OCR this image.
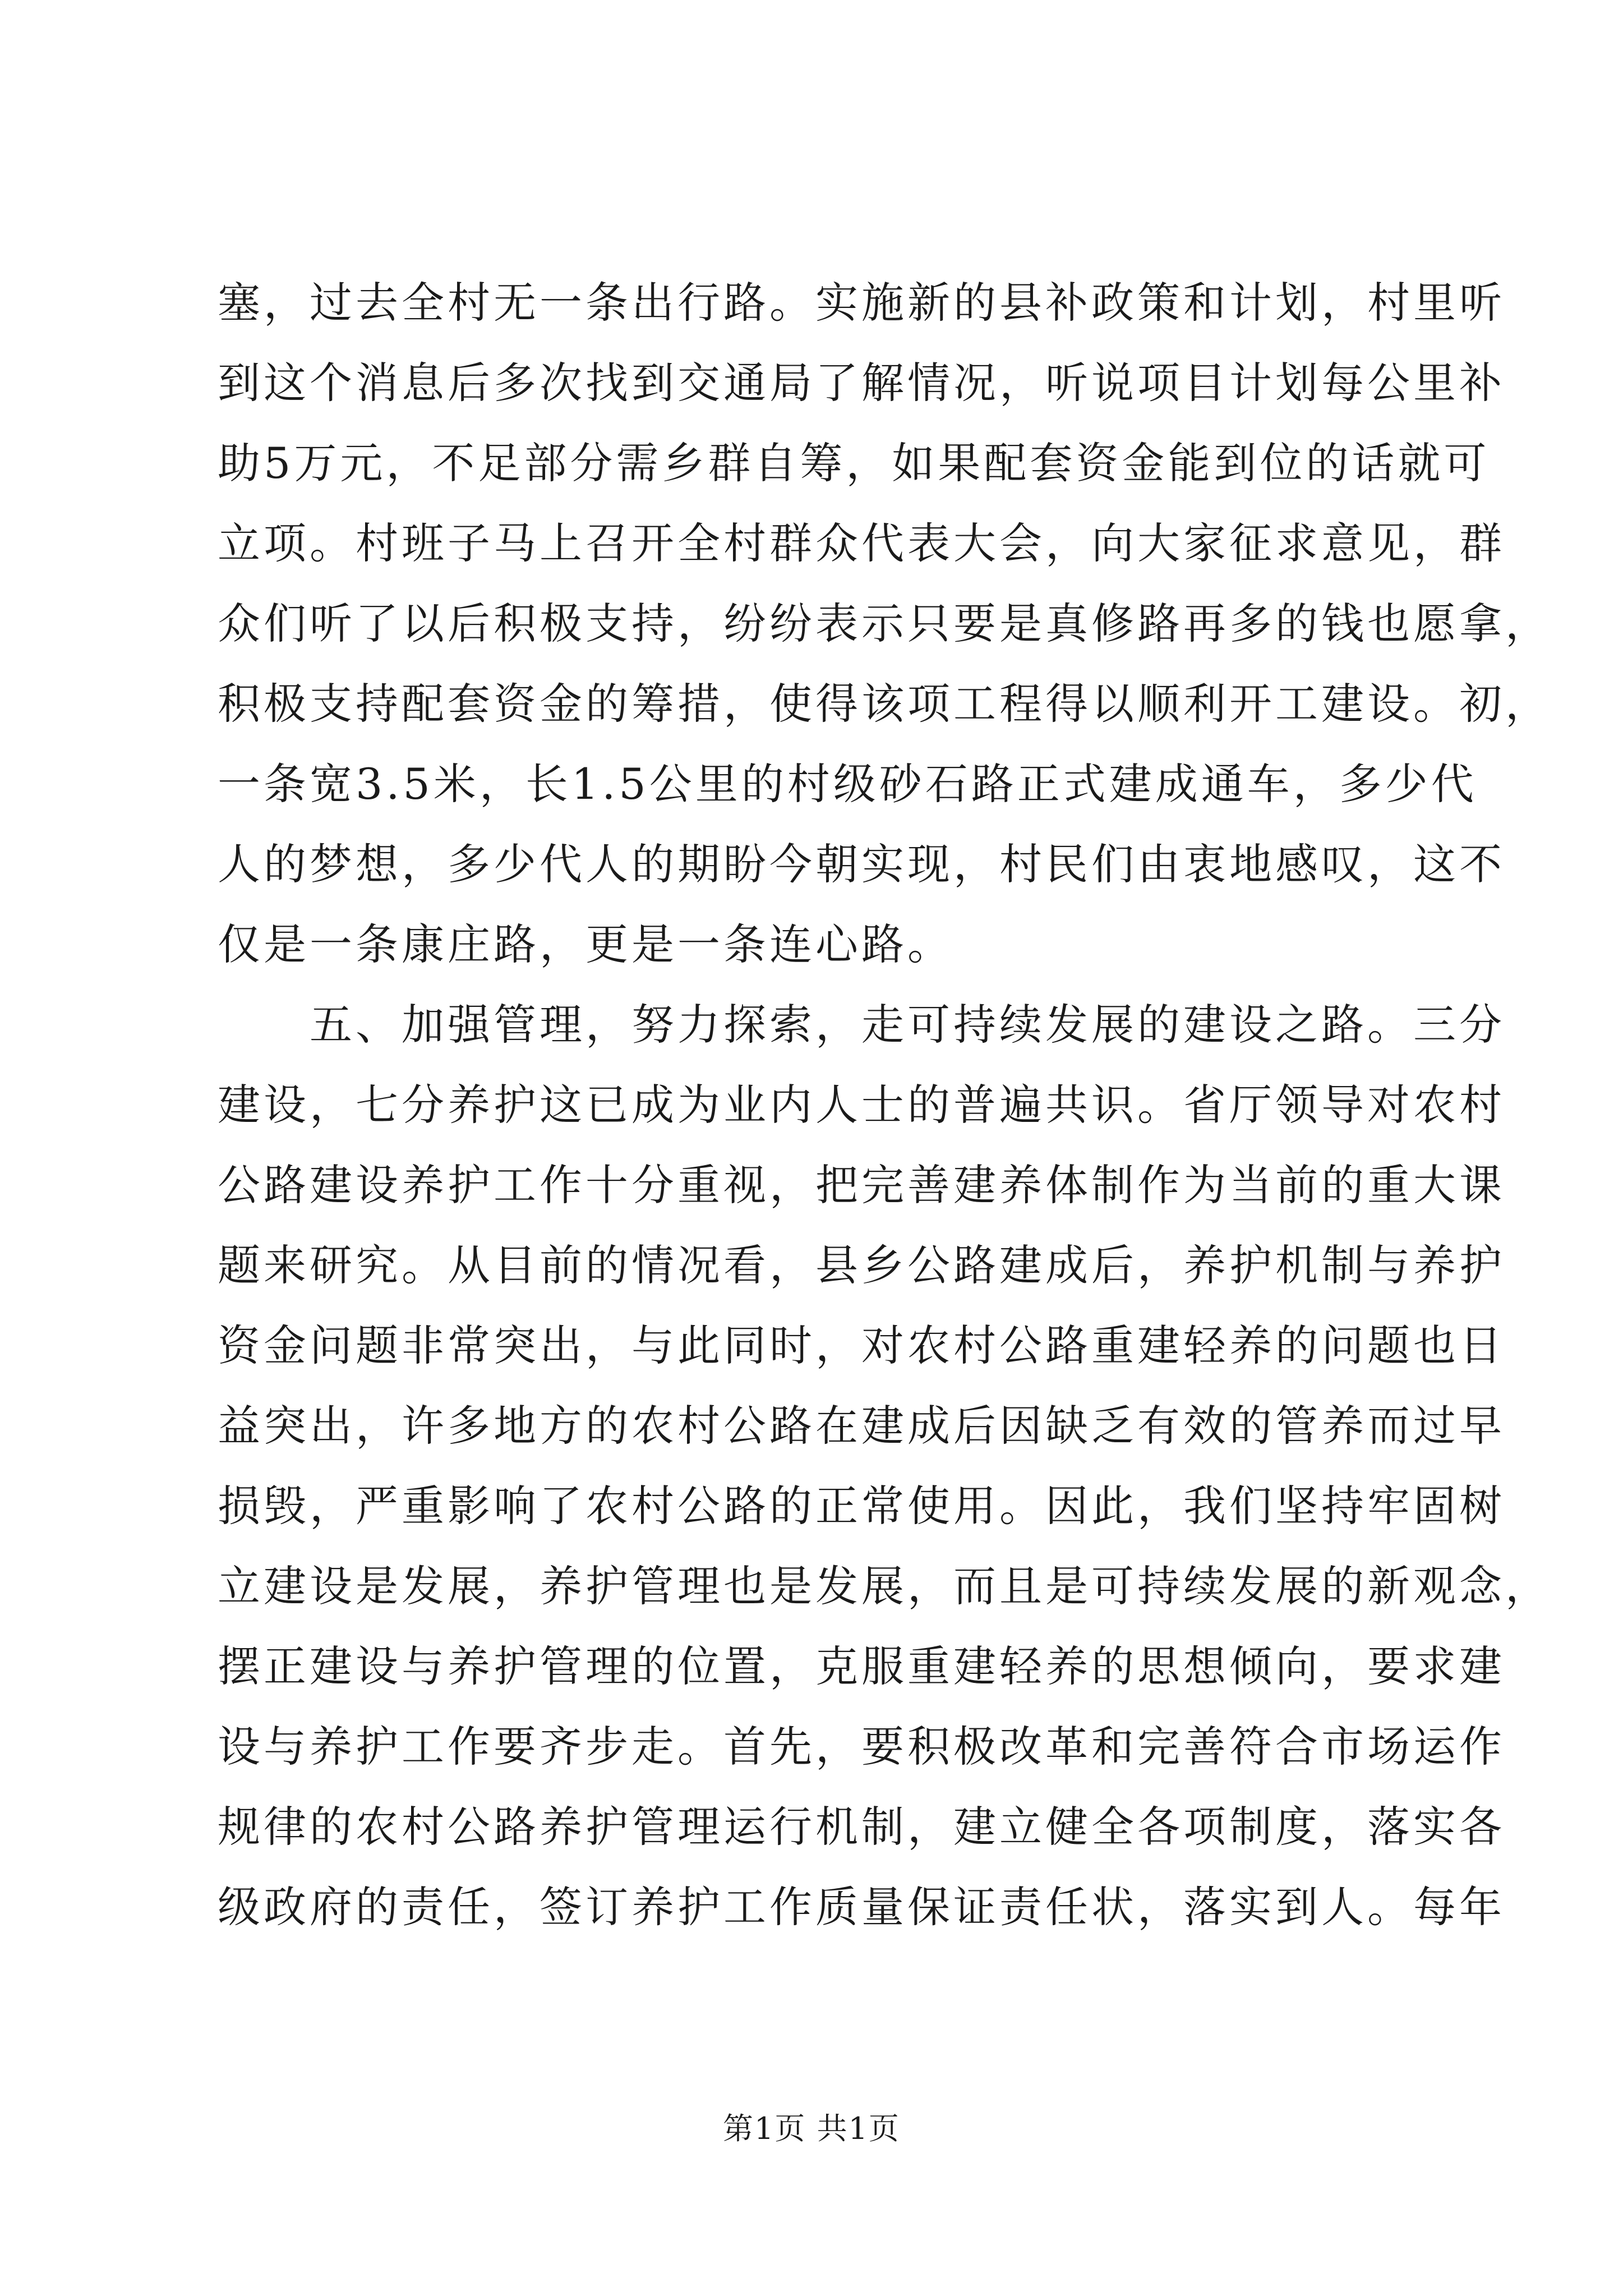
塞，过去全村无一条出行路。实施新的县补政策和计划，村里听
到这个消息后多次找到交通局了解情况，听说项目计划每公里补
助5万元，不足部分需乡群自筹，如果配套资金能到位的话就可
立项。村班子马上召开全村群众代表大会，向大家征求意见，群
众们听了以后积极支持，纷纷表示只要是真修路再多的钱也愿拿，
积极支持配套资金的筹措，使得该项工程得以顺利开工建设。初，
一条宽3.5米，长1.5公里的村级砂石路正式建成通车，多少代
人的梦想，多少代人的期盼今朝实现，村民们由衷地感叹，这不
仅是一条康庄路，更是一条连心路。
五、加强管理，努力探索，走可持续发展的建设之路。三分
建设，七分养护这已成为业内人士的普遍共识。省厅领导对农村
公路建设养护工作十分重视，把完善建养体制作为当前的重大课
题来研究。从目前的情况看，县乡公路建成后，养护机制与养护
资金问题非常突出，与此同时，对农村公路重建轻养的问题也日
益突出，许多地方的农村公路在建成后因缺乏有效的管养而过早
损毁，严重影响了农村公路的正常使用。因此，我们坚持牢固树
立建设是发展，养护管理也是发展，而且是可持续发展的新观念，
摆正建设与养护管理的位置，克服重建轻养的思想倾向，要求建
设与养护工作要齐步走。首先，要积极改革和完善符合市场运作
规律的农村公路养护管理运行机制，建立健全各项制度，落实各
级政府的责任，签订养护工作质量保证责任状，落实到人。每年
第1页 共1页
